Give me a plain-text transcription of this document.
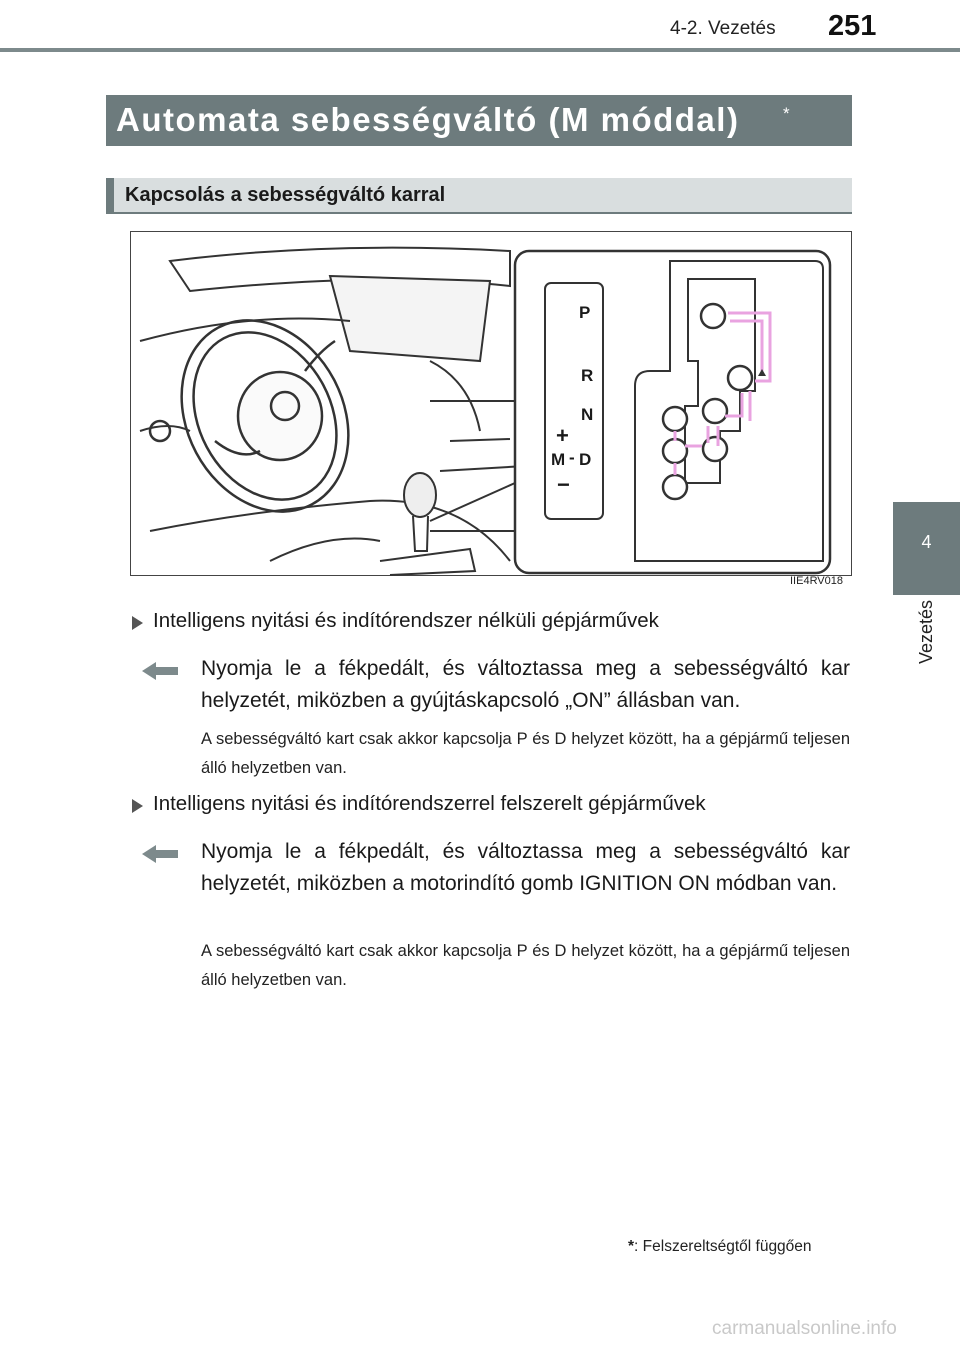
4-2. Vezetés 251
4
Vezetés
Automata sebességváltó (M móddal)	*
Kapcsolás a sebességváltó karral
P
R
N
+
M - D
−
IIE4RV018
Intelligens nyitási és indítórendszer nélküli gépjárművek
Nyomja le a fékpedált, és változtassa meg a sebességváltó kar helyzetét, miközben a gyújtáskapcsoló „ON” állásban van.
A sebességváltó kart csak akkor kapcsolja P és D helyzet között, ha a gépjármű teljesen álló helyzetben van.
Intelligens nyitási és indítórendszerrel felszerelt gépjárművek
Nyomja le a fékpedált, és változtassa meg a sebességváltó kar helyzetét, miközben a motorindító gomb IGNITION ON módban van.
A sebességváltó kart csak akkor kapcsolja P és D helyzet között, ha a gépjármű teljesen álló helyzetben van.
*: Felszereltségtől függően
carmanualsonline.info
